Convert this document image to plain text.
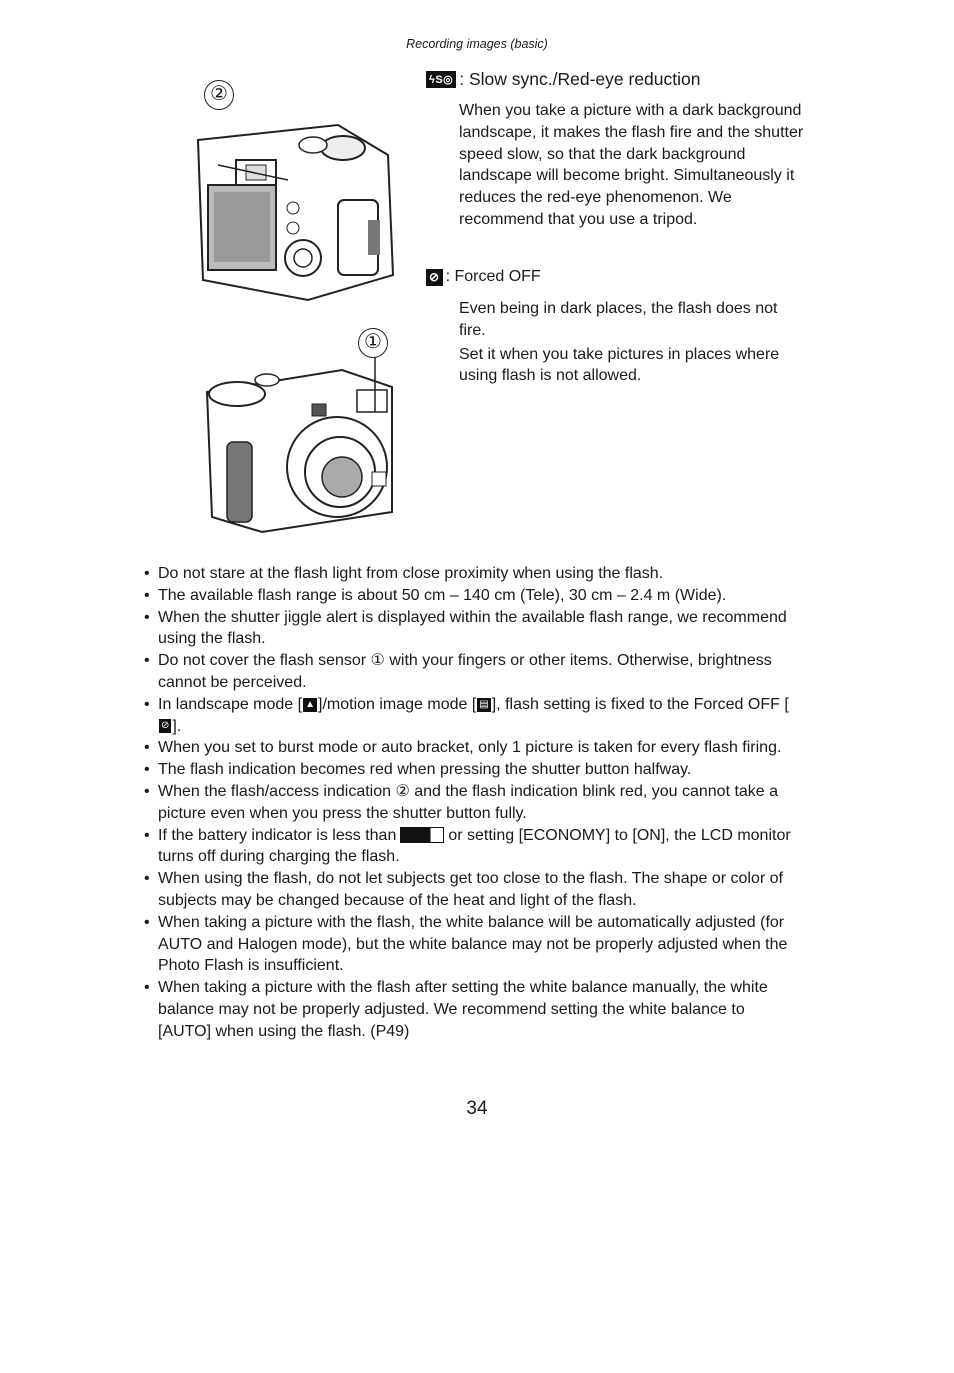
Recording images (basic)
②
①
ϟS◎ : Slow sync./Red-eye reduction
When you take a picture with a dark background landscape, it makes the flash fire and the shutter speed slow, so that the dark background landscape will become bright. Simultaneously it reduces the red-eye phenomenon. We recommend that you use a tripod.
⊘ : Forced OFF
Even being in dark places, the flash does not fire.
Set it when you take pictures in places where using flash is not allowed.
• Do not stare at the flash light from close proximity when using the flash.
• The available flash range is about 50 cm – 140 cm (Tele), 30 cm – 2.4 m (Wide).
• When the shutter jiggle alert is displayed within the available flash range, we recommend using the flash.
• Do not cover the flash sensor ① with your fingers or other items. Otherwise, brightness cannot be perceived.
• In landscape mode [ ▲ ]/motion image mode [ ▤ ], flash setting is fixed to the Forced OFF [⊘ ].
• When you set to burst mode or auto bracket, only 1 picture is taken for every flash firing.
• The flash indication becomes red when pressing the shutter button halfway.
• When the flash/access indication ② and the flash indication blink red, you cannot take a picture even when you press the shutter button fully.
• If the battery indicator is less than	or setting [ECONOMY] to [ON], the LCD monitor turns off during charging the flash.
• When using the flash, do not let subjects get too close to the flash. The shape or color of subjects may be changed because of the heat and light of the flash.
• When taking a picture with the flash, the white balance will be automatically adjusted (for AUTO and Halogen mode), but the white balance may not be properly adjusted when the Photo Flash is insufficient.
• When taking a picture with the flash after setting the white balance manually, the white balance may not be properly adjusted. We recommend setting the white balance to [AUTO] when using the flash. (P49)
34
